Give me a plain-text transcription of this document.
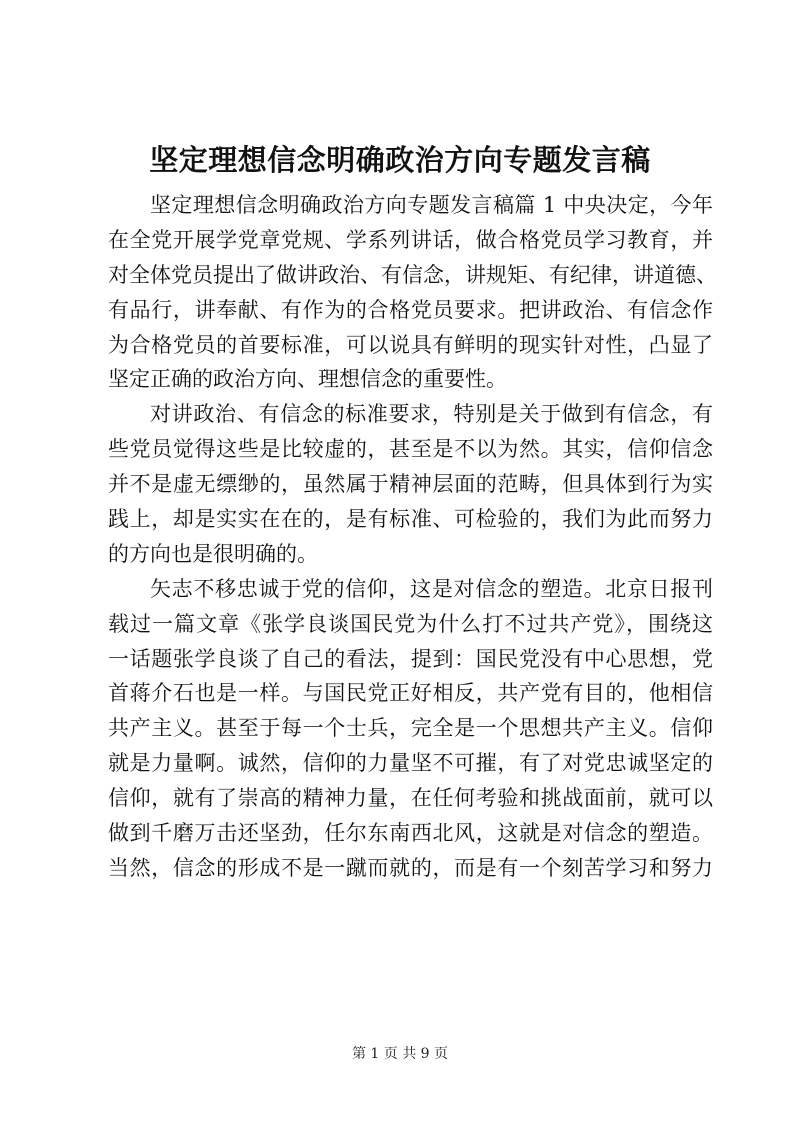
坚定理想信念明确政治方向专题发言稿

坚定理想信念明确政治方向专题发言稿篇 1 中央决定，今年
在全党开展学党章党规、学系列讲话，做合格党员学习教育，并
对全体党员提出了做讲政治、有信念，讲规矩、有纪律，讲道德、
有品行，讲奉献、有作为的合格党员要求。把讲政治、有信念作
为合格党员的首要标准，可以说具有鲜明的现实针对性，凸显了
坚定正确的政治方向、理想信念的重要性。

对讲政治、有信念的标准要求，特别是关于做到有信念，有
些党员觉得这些是比较虚的，甚至是不以为然。其实，信仰信念
并不是虚无缥缈的，虽然属于精神层面的范畴，但具体到行为实
践上，却是实实在在的，是有标准、可检验的，我们为此而努力
的方向也是很明确的。

矢志不移忠诚于党的信仰，这是对信念的塑造。北京日报刊
载过一篇文章《张学良谈国民党为什么打不过共产党》，围绕这
一话题张学良谈了自己的看法，提到：国民党没有中心思想，党
首蒋介石也是一样。与国民党正好相反，共产党有目的，他相信
共产主义。甚至于每一个士兵，完全是一个思想共产主义。信仰
就是力量啊。诚然，信仰的力量坚不可摧，有了对党忠诚坚定的
信仰，就有了崇高的精神力量，在任何考验和挑战面前，就可以
做到千磨万击还坚劲，任尔东南西北风，这就是对信念的塑造。
当然，信念的形成不是一蹴而就的，而是有一个刻苦学习和努力

第 1 页 共 9 页
